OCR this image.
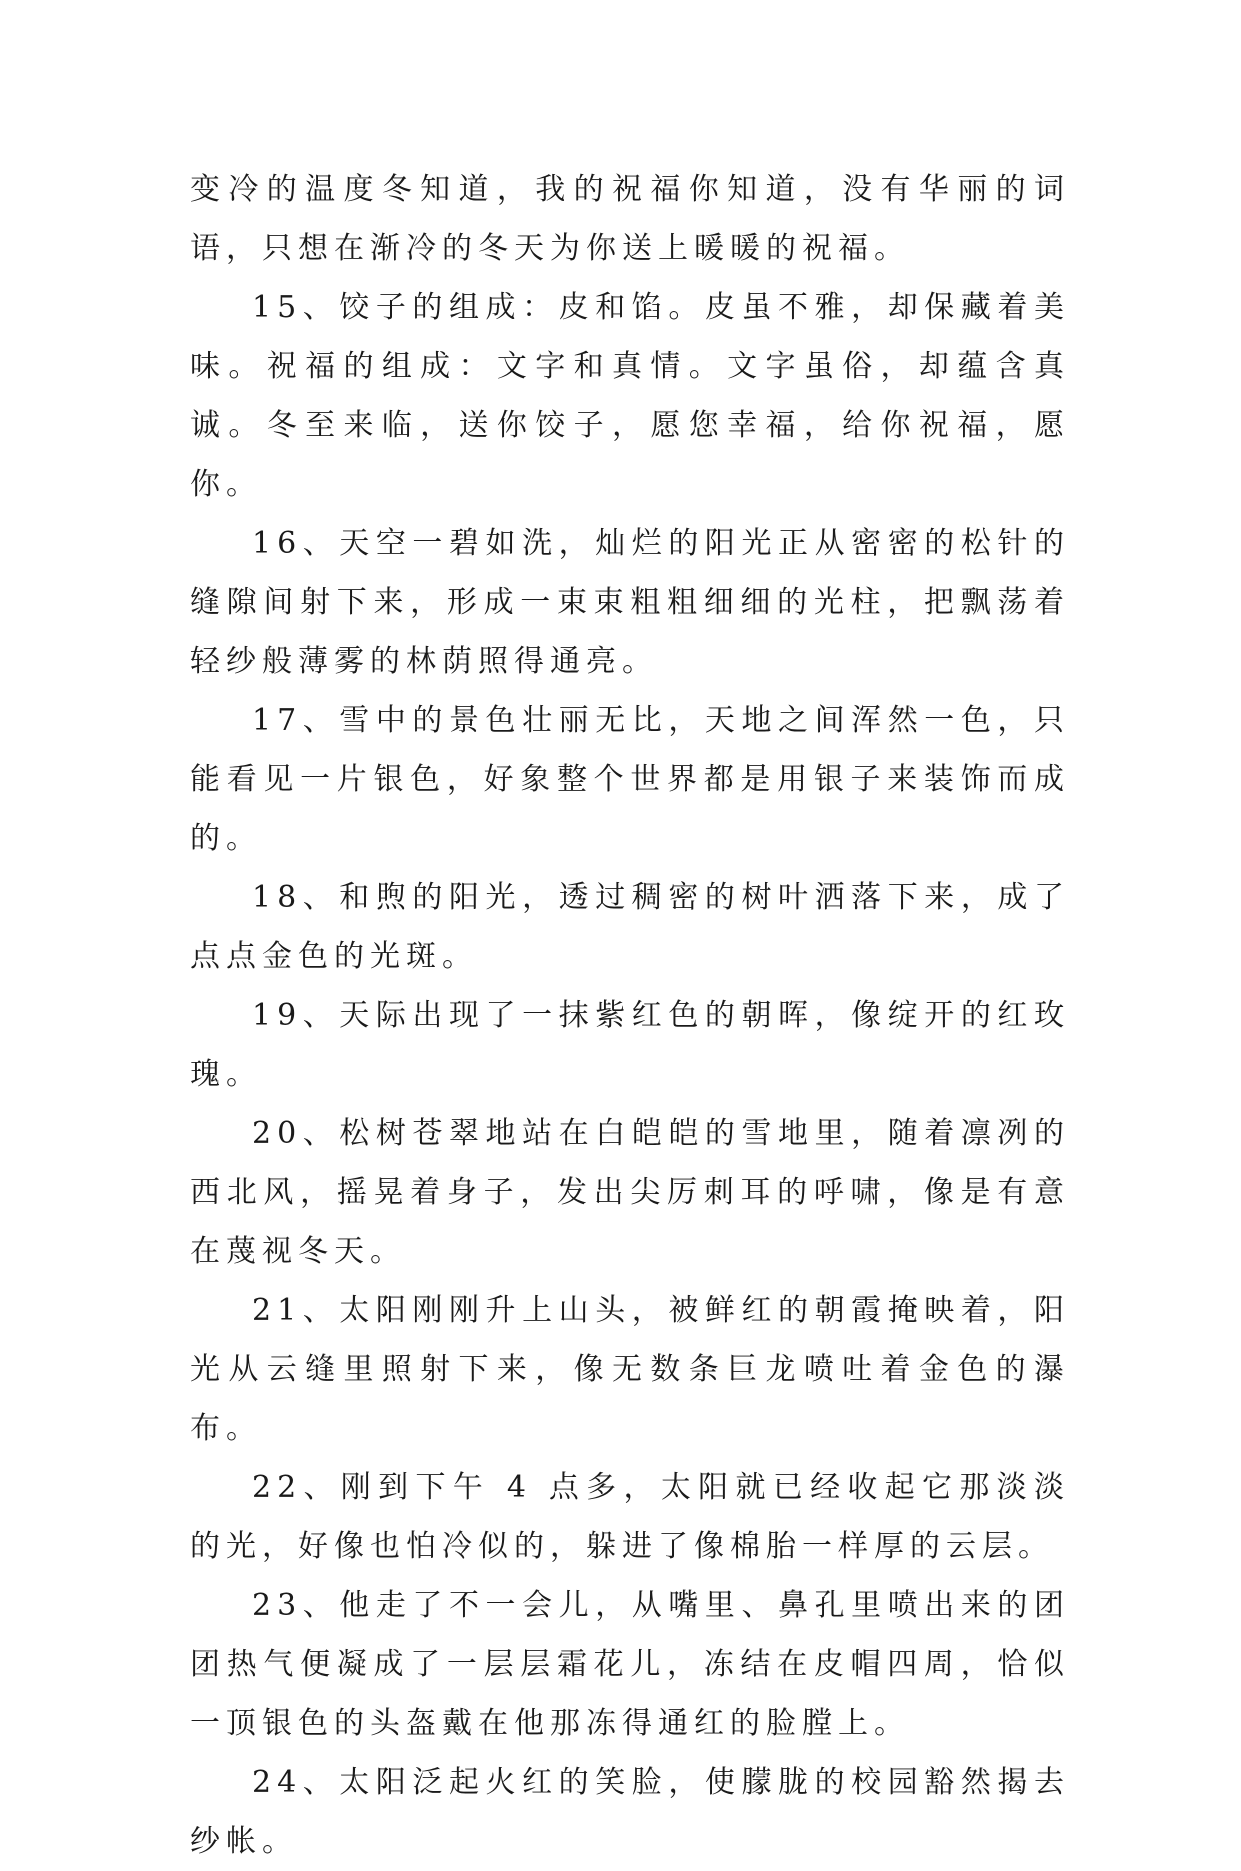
变冷的温度冬知道，我的祝福你知道，没有华丽的词语，只想在渐冷的冬天为你送上暖暖的祝福。

15、饺子的组成：皮和馅。皮虽不雅，却保藏着美味。祝福的组成：文字和真情。文字虽俗，却蕴含真诚。冬至来临，送你饺子，愿您幸福，给你祝福，愿你。

16、天空一碧如洗，灿烂的阳光正从密密的松针的缝隙间射下来，形成一束束粗粗细细的光柱，把飘荡着轻纱般薄雾的林荫照得通亮。

17、雪中的景色壮丽无比，天地之间浑然一色，只能看见一片银色，好象整个世界都是用银子来装饰而成的。

18、和煦的阳光，透过稠密的树叶洒落下来，成了点点金色的光斑。

19、天际出现了一抹紫红色的朝晖，像绽开的红玫瑰。

20、松树苍翠地站在白皑皑的雪地里，随着凛冽的西北风，摇晃着身子，发出尖厉刺耳的呼啸，像是有意在蔑视冬天。

21、太阳刚刚升上山头，被鲜红的朝霞掩映着，阳光从云缝里照射下来，像无数条巨龙喷吐着金色的瀑布。

22、刚到下午 4 点多，太阳就已经收起它那淡淡的光，好像也怕冷似的，躲进了像棉胎一样厚的云层。

23、他走了不一会儿，从嘴里、鼻孔里喷出来的团团热气便凝成了一层层霜花儿，冻结在皮帽四周，恰似一顶银色的头盔戴在他那冻得通红的脸膛上。

24、太阳泛起火红的笑脸，使朦胧的校园豁然揭去纱帐。
